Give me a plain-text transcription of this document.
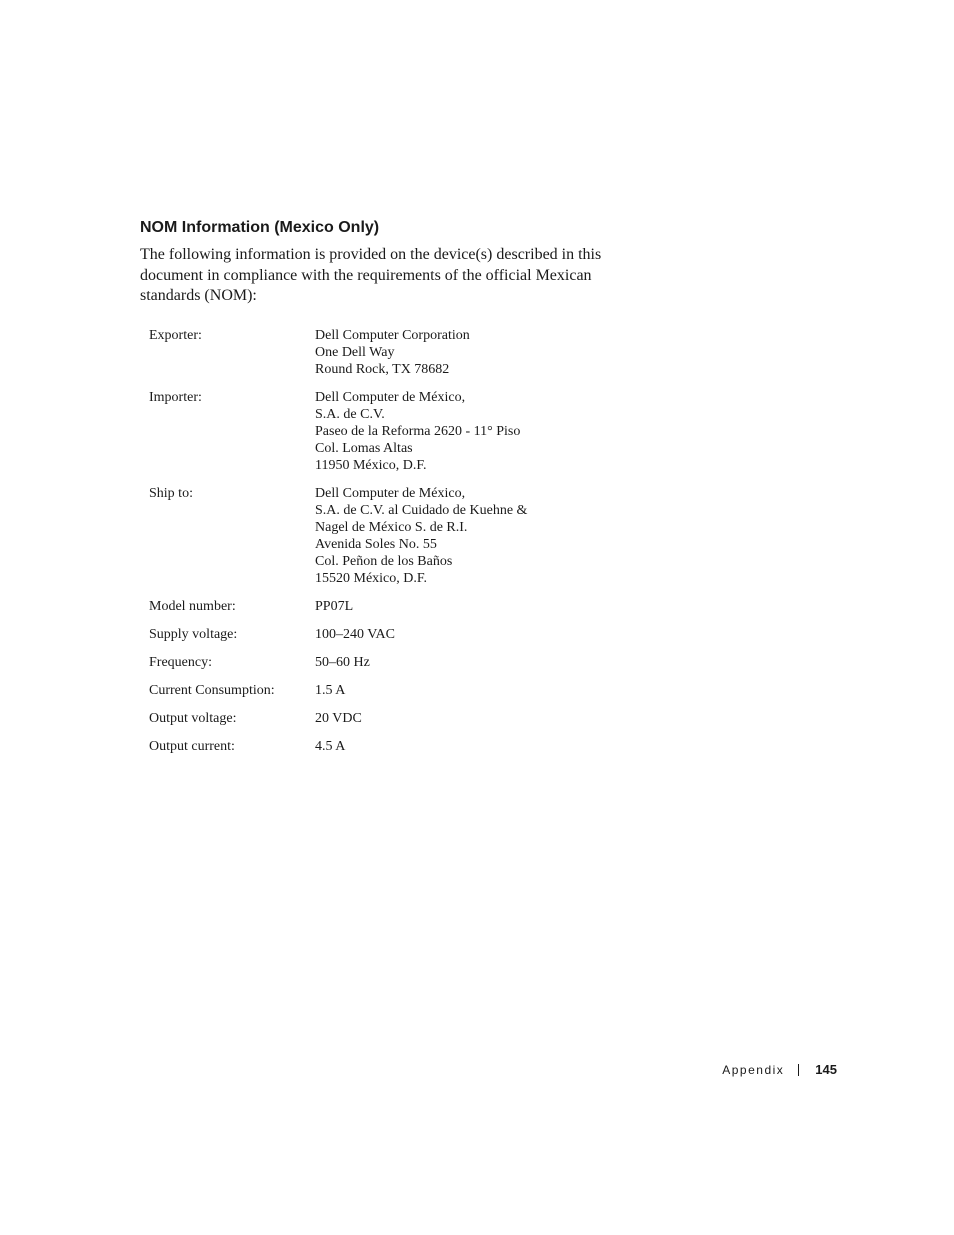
NOM Information (Mexico Only)

The following information is provided on the device(s) described in this document in compliance with the requirements of the official Mexican standards (NOM):

Exporter:	Dell Computer Corporation
One Dell Way
Round Rock, TX 78682
Importer:	Dell Computer de México,
S.A. de C.V.
Paseo de la Reforma 2620 - 11° Piso
Col. Lomas Altas
11950 México, D.F.
Ship to:	Dell Computer de México,
S.A. de C.V. al Cuidado de Kuehne &
Nagel de México S. de R.I.
Avenida Soles No. 55
Col. Peñon de los Baños
15520 México, D.F.
Model number:	PP07L
Supply voltage:	100–240 VAC
Frequency:	50–60 Hz
Current Consumption:	1.5 A
Output voltage:	20 VDC
Output current:	4.5 A
Appendix 145
